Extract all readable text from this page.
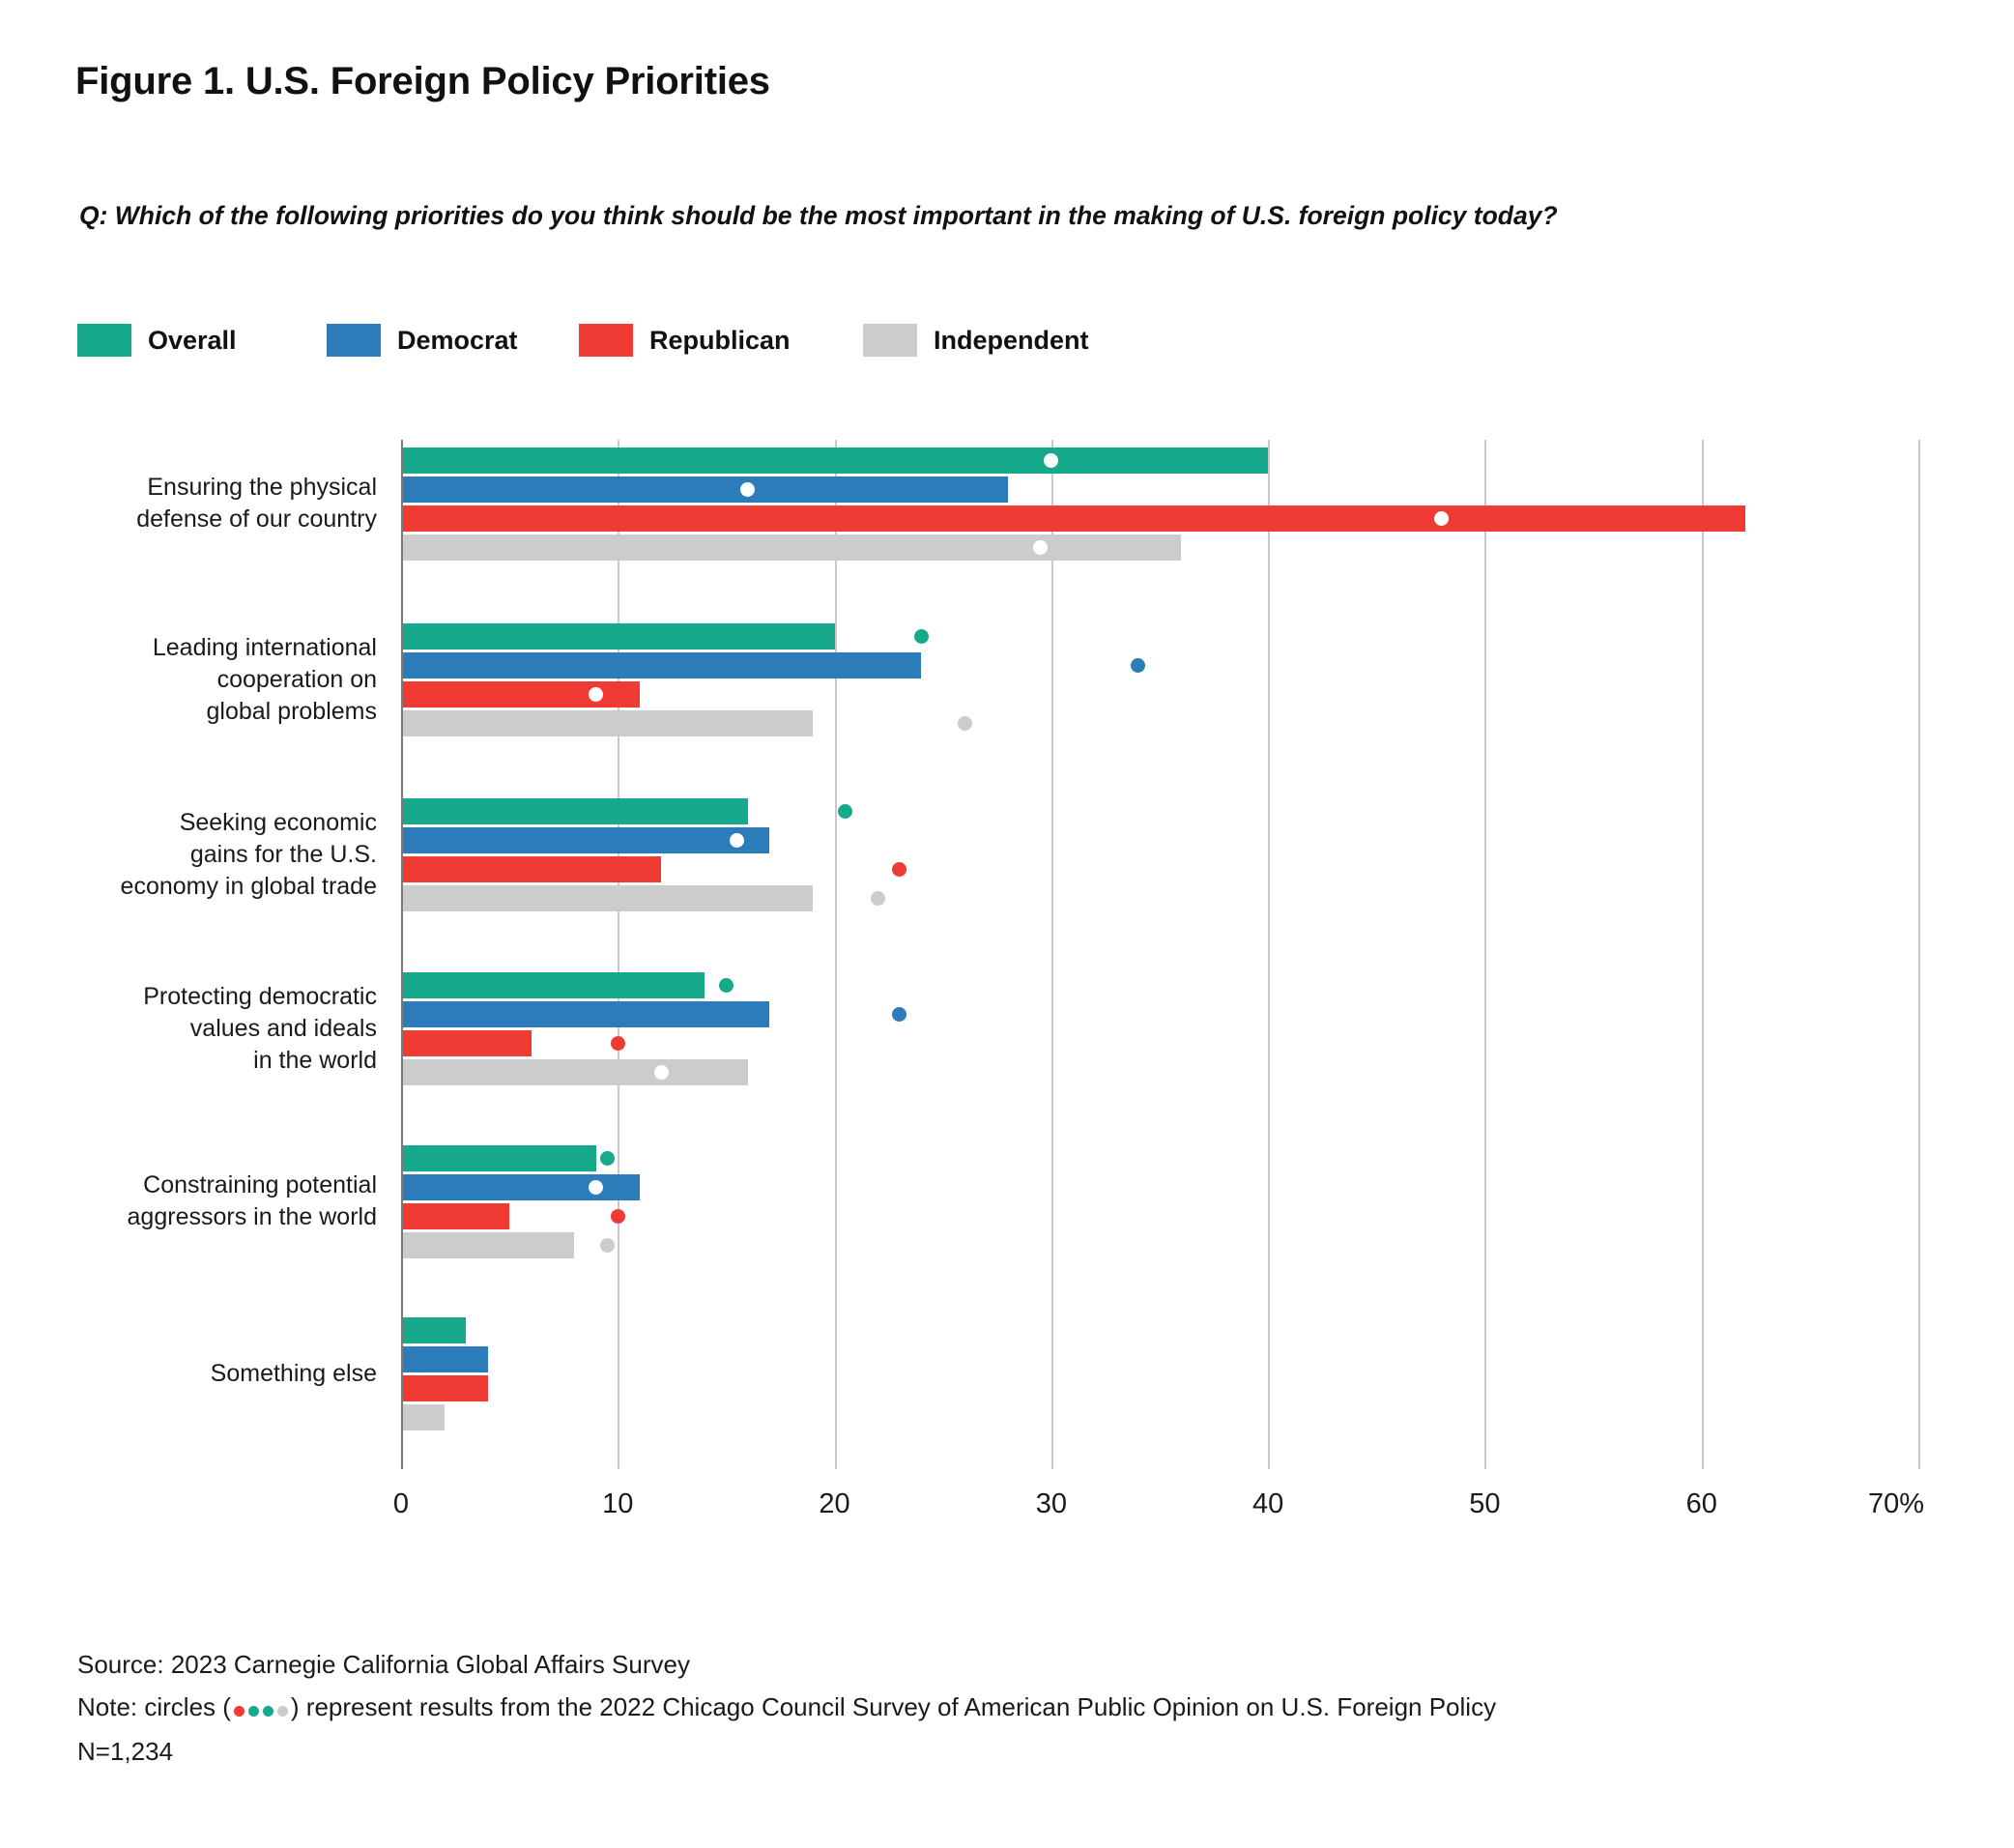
Figure 1. U.S. Foreign Policy Priorities
Q: Which of the following priorities do you think should be the most important in the making of U.S. foreign policy today?
Overall	Democrat	Republican	Independent
Ensuring the physical
defense of our country
Leading international
cooperation on
global problems
Seeking economic
gains for the U.S.
economy in global trade
Protecting democratic
values and ideals
in the world
Constraining potential
aggressors in the world
Something else
0	10	20	30	40	50	60	70%
Source: 2023 Carnegie California Global Affairs Survey
Note: circles ( ) represent results from the 2022 Chicago Council Survey of American Public Opinion on U.S. Foreign Policy
N=1,234
